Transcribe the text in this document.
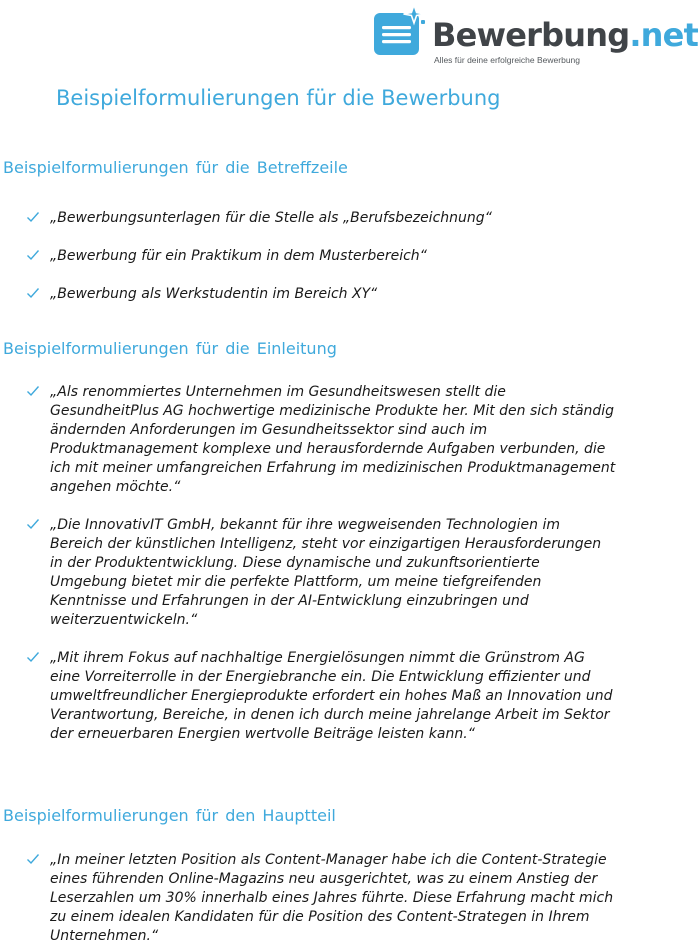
Bewerbung.net
Alles für deine erfolgreiche Bewerbung
Beispielformulierungen für die Bewerbung
Beispielformulierungen für die Betreffzeile

„Bewerbungsunterlagen für die Stelle als „Berufsbezeichnung“

„Bewerbung für ein Praktikum in dem Musterbereich“

„Bewerbung als Werkstudentin im Bereich XY“

Beispielformulierungen für die Einleitung

„Als renommiertes Unternehmen im Gesundheitswesen stellt die GesundheitPlus AG hochwertige medizinische Produkte her. Mit den sich ständig ändernden Anforderungen im Gesundheitssektor sind auch im Produktmanagement komplexe und herausfordernde Aufgaben verbunden, die ich mit meiner umfangreichen Erfahrung im medizinischen Produktmanagement angehen möchte.“

„Die InnovativIT GmbH, bekannt für ihre wegweisenden Technologien im Bereich der künstlichen Intelligenz, steht vor einzigartigen Herausforderungen in der Produktentwicklung. Diese dynamische und zukunftsorientierte Umgebung bietet mir die perfekte Plattform, um meine tiefgreifenden Kenntnisse und Erfahrungen in der AI-Entwicklung einzubringen und weiterzuentwickeln.“

„Mit ihrem Fokus auf nachhaltige Energielösungen nimmt die Grünstrom AG eine Vorreiterrolle in der Energiebranche ein. Die Entwicklung effizienter und umweltfreundlicher Energieprodukte erfordert ein hohes Maß an Innovation und Verantwortung, Bereiche, in denen ich durch meine jahrelange Arbeit im Sektor der erneuerbaren Energien wertvolle Beiträge leisten kann.“

Beispielformulierungen für den Hauptteil

„In meiner letzten Position als Content-Manager habe ich die Content-Strategie eines führenden Online-Magazins neu ausgerichtet, was zu einem Anstieg der Leserzahlen um 30% innerhalb eines Jahres führte. Diese Erfahrung macht mich zu einem idealen Kandidaten für die Position des Content-Strategen in Ihrem Unternehmen.“
